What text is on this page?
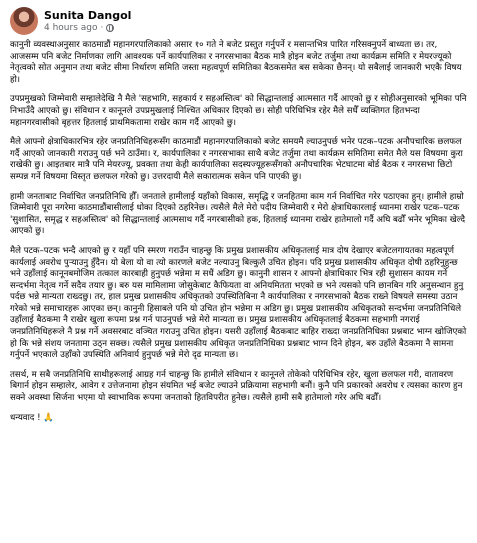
Sunita Dangol
4 hours ago ·

कानुनी व्यवस्थाअनुसार काठमाडौं महानगरपालिकाको असार १० गते ने बजेट प्रस्तुत गर्नुपर्ने र मसान्तभित्र पारित गरिसक्नुपर्ने बाध्यता छ। तर, आजसम्म पनि बजेट निर्माणका लागि आवश्यक पर्ने कार्यपालिका र नगरसभाका बैठक मात्रै होइन बजेट तर्जुमा तथा कार्यक्रम समिति र मेयरज्यूको नेतृत्वको सोत अनुमान तथा बजेट सीमा निर्धारण समिति जस्ता महत्वपूर्ण समितिका बैठकसमेत बस सकेका छैनन्। यो सबैलाई जानकारी भएकै विषय हो।

उपप्रमुखको जिम्मेवारी सम्हालेदेखि नै मैले 'सहभागि, सहकार्य र सहअस्तित्व' को सिद्धान्तलाई आत्मसात गर्दै आएको छु र सोहीअनुसारको भूमिका पनि निभाउँदै आएको छु। संविधान र कानूनले उपप्रमुखलाई निश्चित अधिकार दिएको छ। सोही परिधिभित्र रहेर मैले सधैँ व्यक्तिगत हितभन्दा महानगरवासीको बृहत्तर हितलाई प्राथमिकतामा राखेर काम गर्दै आएको छु।

मैले आफ्नो क्षेत्राधिकारभित्र रहेर जनप्रतिनिधिहरूसँग काठमाडौं महानगरपालिकाको बजेट समयमै ल्याउनुपर्छ भनेर पटक–पटक अनौपचारिक छलफल गर्दै आएको जानकारी गराउनु पर्छ भने ठाउँमा। र, कार्यपालिका र नगरसभाका साथै बजेट तर्जुमा तथा कार्यक्रम समितिमा समेत मैले यस विषयमा कुरा राखेकी छु। आइतबार मात्रै पनि मेयरज्यू, प्रवक्ता तथा केही कार्यपालिका सदस्यज्यूहरूसँगको अनौपचारिक भेटघाटमा बोर्ड बैठक र नगरसभा छिटो सम्पन्न गर्ने विषयमा विस्तृत छलफल गरेको छु। उत्तरदायी मैले सकारात्मक सकेन पनि पाएकी छु।

हामी जनताबाट निर्वाचित जनप्रतिनिधि हौँ। जनताले हामीलाई यहाँको विकास, समृद्धि र जनहितमा काम गर्न निर्वाचित गरेर पठाएका हुन्। हामीले हाम्रो जिम्मेवारी पूरा नगरेमा काठमाडौंबासीलाई धोका दिएको ठहरिनेछ। त्यसैले मैले मेरो पदीय जिम्मेवारी र मेरो क्षेत्राधिकारलाई ध्यानमा राखेर पटक–पटक 'सुशासित, समृद्ध र सहअस्तित्व' को सिद्धान्तलाई आत्मसाथ गर्दै नगरबासीको हक, हितलाई ध्यानमा राखेर हातेमालो गर्दै अघि बढौँ भनेर भूमिका खेल्दै आएको छु।

मैले पटक–पटक भन्दै आएको छु र यहाँ पनि स्मरण गराउँन चाहन्छु कि प्रमुख प्रशासकीय अधिकृतलाई मात्र दोष देखाएर बजेटलगायतका महत्वपूर्ण कार्यलाई अवरोध पुर्‍याउनु हुँदैन। यो बेला यो वा त्यो कारणले बजेट नल्याउनु बिल्कुलै उचित होइन। पदि प्रमुख प्रशासकीय अधिकृत दोषी ठहरिनुहुन्छ भने उहाँलाई कानूनबमोजिम तत्काल कारबाही हुनुपर्छ भन्नेमा म सधैं अडिग छु। कानुनी शासन र आफ्नो क्षेत्राधिकार भित्र रही सुशासन कायम गर्ने सन्दर्भमा नेतृत्व गर्ने सदैव तयार छु। बरु यस मामिलामा जोसुकेबाट कैफियता वा अनियमितता भएको छ भने त्यसको पनि छानबिन गरि अनुसन्धान हुनु पर्दछ भन्ने मान्यता राख्दछु। तर, हाल प्रमुख प्रशासकीय अधिकृतको उपस्थितिबिना नै कार्यपालिका र नगरसभाको बैठक राख्ने विषयले समस्या उठान गरेको भन्ने समाचारहरू आएका छन्। कानुनी हिसाबले पनि यो उचित होन भन्नेमा म अडिग छु। प्रमुख प्रशासकीय अधिकृतको सन्दर्भमा जनप्रतिनिधिले उहाँलाई बैठकमा नै राखेर खुला रूपमा प्रश्न गर्न पाउनुपर्छ भन्ने मेरो मान्यता छ। प्रमुख प्रशासकीय अधिकृतलाई बैठकमा सहभागी नगराई जनप्रतिनिधिहरूले नै प्रश्न गर्ने अवसरबाट वञ्चित गराउनु उचित होइन। यसरी उहाँलाई बैठकबाट बाहिर राख्दा जनप्रतिनिधिका प्रश्नबाट भाग्न खोजिएको हो कि भन्ने संशय जनतामा उठ्न सक्छ। त्यसैले प्रमुख प्रशासकीय अधिकृत जनप्रतिनिधिका प्रश्नबाट भाग्न दिने होइन, बरु उहाँले बैठकमा नै सामना गर्नुपर्ने भएकाले उहाँको उपस्थिति अनिवार्य हुनुपर्छ भन्ने मेरो दृढ मान्यता छ।

तसर्थ, म सबै जनप्रतिनिधि साथीहरूलाई आग्रह गर्न चाहन्छु कि हामीले संविधान र कानूनले तोकेको परिधिभित्र रहेर, खुला छलफल गरी, वातावरण बिगार्न होइन सम्हालेर, आवेग र उत्तेजनामा होइन संयमित भई बजेट ल्याउने प्रक्रियामा सहभागी बनौं। कुनै पनि प्रकारको अवरोध र त्यसका कारण हुन सक्ने अवस्था सिर्जना भएमा यो स्वाभाविक रूपमा जनताको हितविपरीत हुनेछ। त्यसैले हामी सबै हातेमालो गरेर अघि बढौँ।

धन्यवाद ! 🙏
